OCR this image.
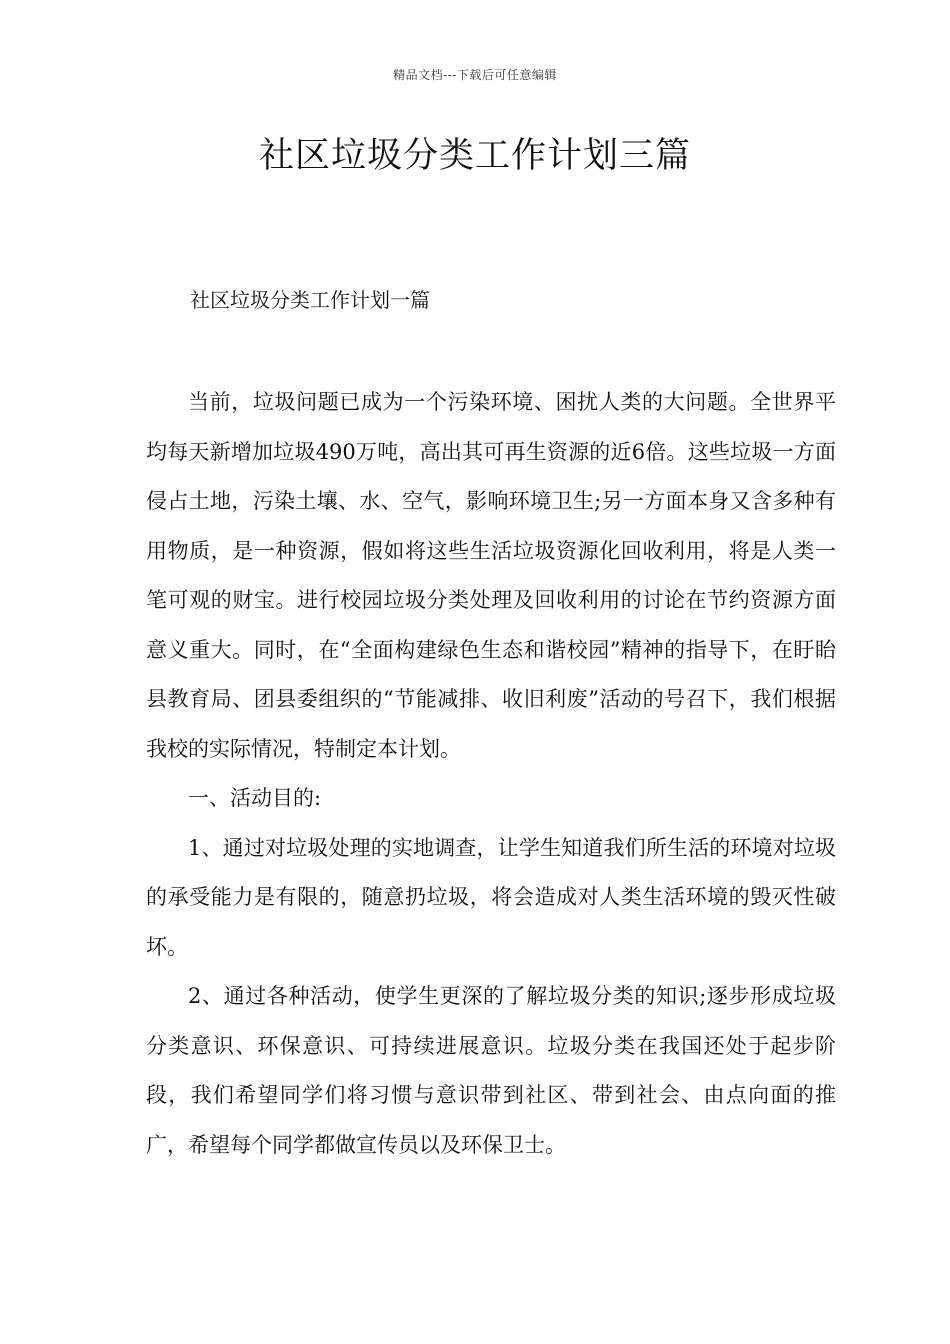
精品文档---下载后可任意编辑
社区垃圾分类工作计划三篇

社区垃圾分类工作计划一篇

当前，垃圾问题已成为一个污染环境、困扰人类的大问题。全世界平均每天新增加垃圾490万吨，高出其可再生资源的近6倍。这些垃圾一方面侵占土地，污染土壤、水、空气，影响环境卫生;另一方面本身又含多种有用物质，是一种资源，假如将这些生活垃圾资源化回收利用，将是人类一笔可观的财宝。进行校园垃圾分类处理及回收利用的讨论在节约资源方面意义重大。同时，在“全面构建绿色生态和谐校园”精神的指导下，在盱眙县教育局、团县委组织的“节能减排、收旧利废”活动的号召下，我们根据我校的实际情况，特制定本计划。

一、活动目的:

1、通过对垃圾处理的实地调查，让学生知道我们所生活的环境对垃圾的承受能力是有限的，随意扔垃圾，将会造成对人类生活环境的毁灭性破坏。

2、通过各种活动，使学生更深的了解垃圾分类的知识;逐步形成垃圾分类意识、环保意识、可持续进展意识。垃圾分类在我国还处于起步阶段，我们希望同学们将习惯与意识带到社区、带到社会、由点向面的推广，希望每个同学都做宣传员以及环保卫士。
